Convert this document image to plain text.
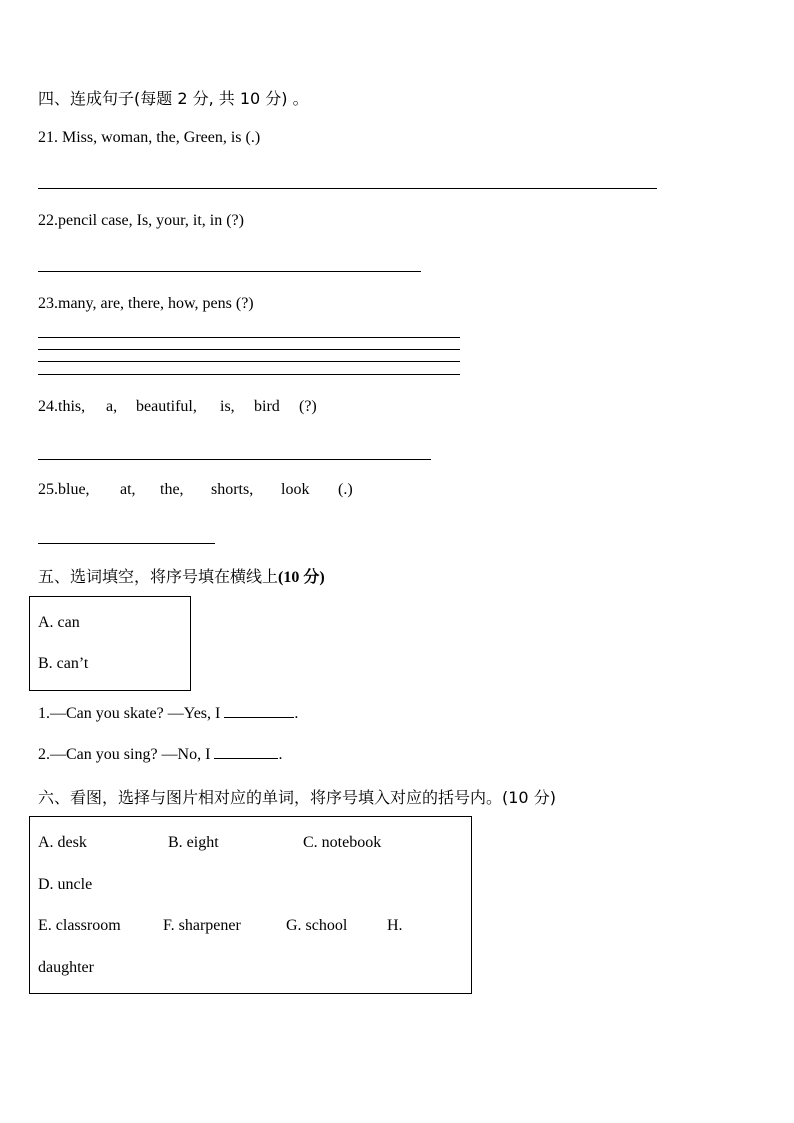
四、连成句子(每题 2 分, 共 10 分) 。
21. Miss, woman, the, Green, is (.)
22.pencil case, Is, your, it, in (?)
23.many, are, there, how, pens (?)
24.this, a, beautiful, is, bird (?)
25.blue, at, the, shorts, look (.)
五、选词填空，将序号填在横线上(10 分)
A. can
B. can’t
1.—Can you skate? —Yes, I	.
2.—Can you sing? —No, I	.
六、看图，选择与图片相对应的单词，将序号填入对应的括号内。(10 分)
A. desk	B. eight	C. notebook
D. uncle
E. classroom	F. sharpener	G. school H.
daughter
